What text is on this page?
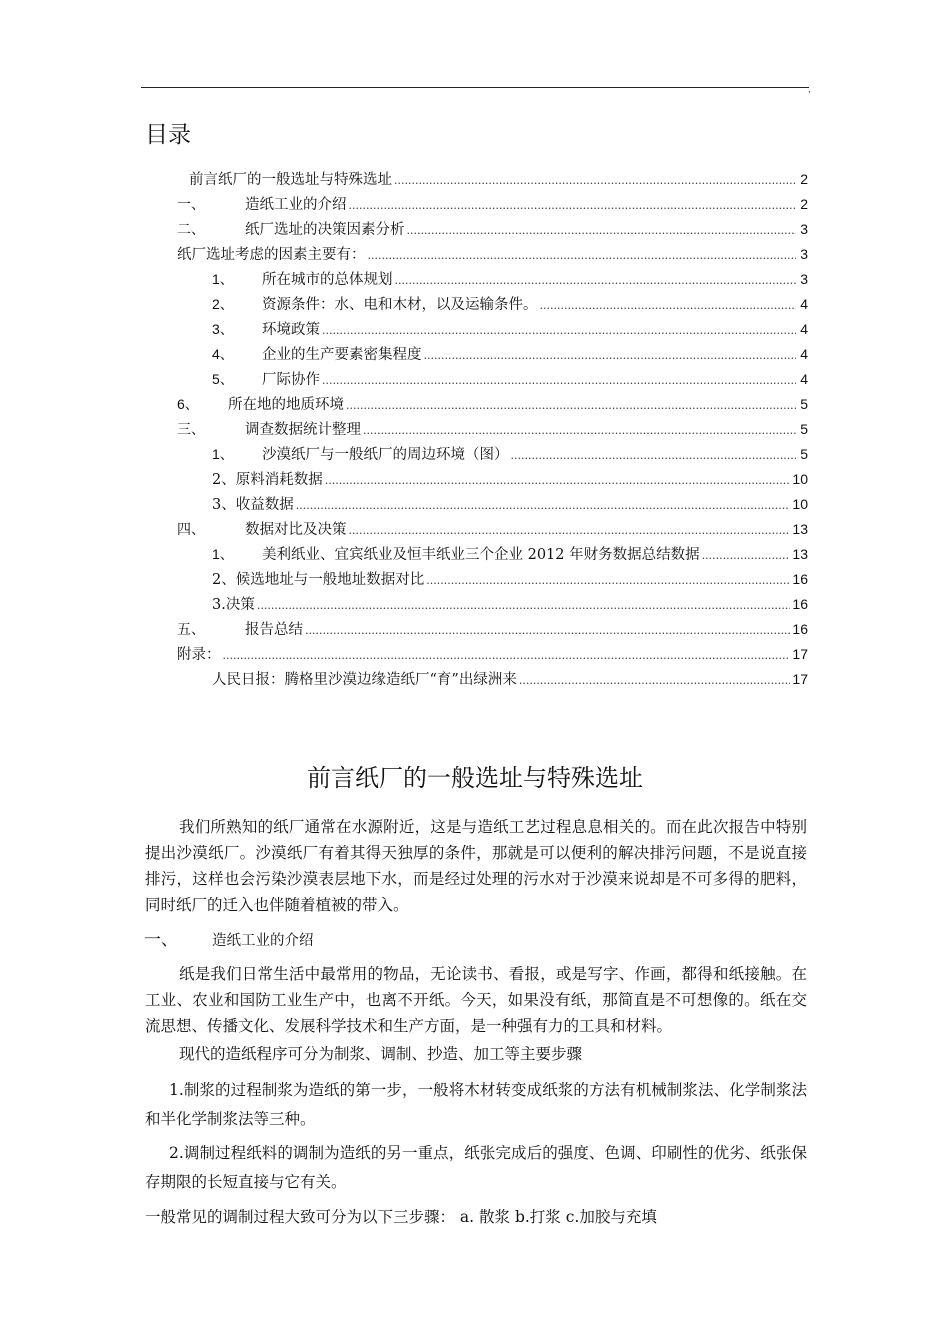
,
目录
前言纸厂的一般选址与特殊选址 .....	2
一、	造纸工业的介绍 .....	2
二、	纸厂选址的决策因素分析 .....	3
纸厂选址考虑的因素主要有： .....	3
1、	所在城市的总体规划 .....	3
2、	资源条件：水、电和木材，以及运输条件。 .....	4
3、	环境政策 .....	4
4、	企业的生产要素密集程度 .....	4
5、	厂际协作 .....	4
6、	所在地的地质环境 .....	5
三、	调查数据统计整理 .....	5
1、	沙漠纸厂与一般纸厂的周边环境（图） .....	5
2、原料消耗数据 .....	10
3、收益数据 .....	10
四、	数据对比及决策 .....	13
1、	美利纸业、宜宾纸业及恒丰纸业三个企业 2012 年财务数据总结数据 .....	13
2、候选地址与一般地址数据对比 .....	16
3.决策 .....	16
五、	报告总结 .....	16
附录： .....	17
人民日报：腾格里沙漠边缘造纸厂“育”出绿洲来 .....	17
前言纸厂的一般选址与特殊选址

我们所熟知的纸厂通常在水源附近，这是与造纸工艺过程息息相关的。而在此次报告中特别提出沙漠纸厂。沙漠纸厂有着其得天独厚的条件，那就是可以便利的解决排污问题，不是说直接排污，这样也会污染沙漠表层地下水，而是经过处理的污水对于沙漠来说却是不可多得的肥料，同时纸厂的迁入也伴随着植被的带入。

一、 造纸工业的介绍

纸是我们日常生活中最常用的物品，无论读书、看报，或是写字、作画，都得和纸接触。在工业、农业和国防工业生产中，也离不开纸。今天，如果没有纸，那简直是不可想像的。纸在交流思想、传播文化、发展科学技术和生产方面，是一种强有力的工具和材料。

现代的造纸程序可分为制浆、调制、抄造、加工等主要步骤

1.制浆的过程制浆为造纸的第一步，一般将木材转变成纸浆的方法有机械制浆法、化学制浆法和半化学制浆法等三种。

2.调制过程纸料的调制为造纸的另一重点，纸张完成后的强度、色调、印刷性的优劣、纸张保存期限的长短直接与它有关。

一般常见的调制过程大致可分为以下三步骤： a. 散浆 b.打浆 c.加胶与充填
